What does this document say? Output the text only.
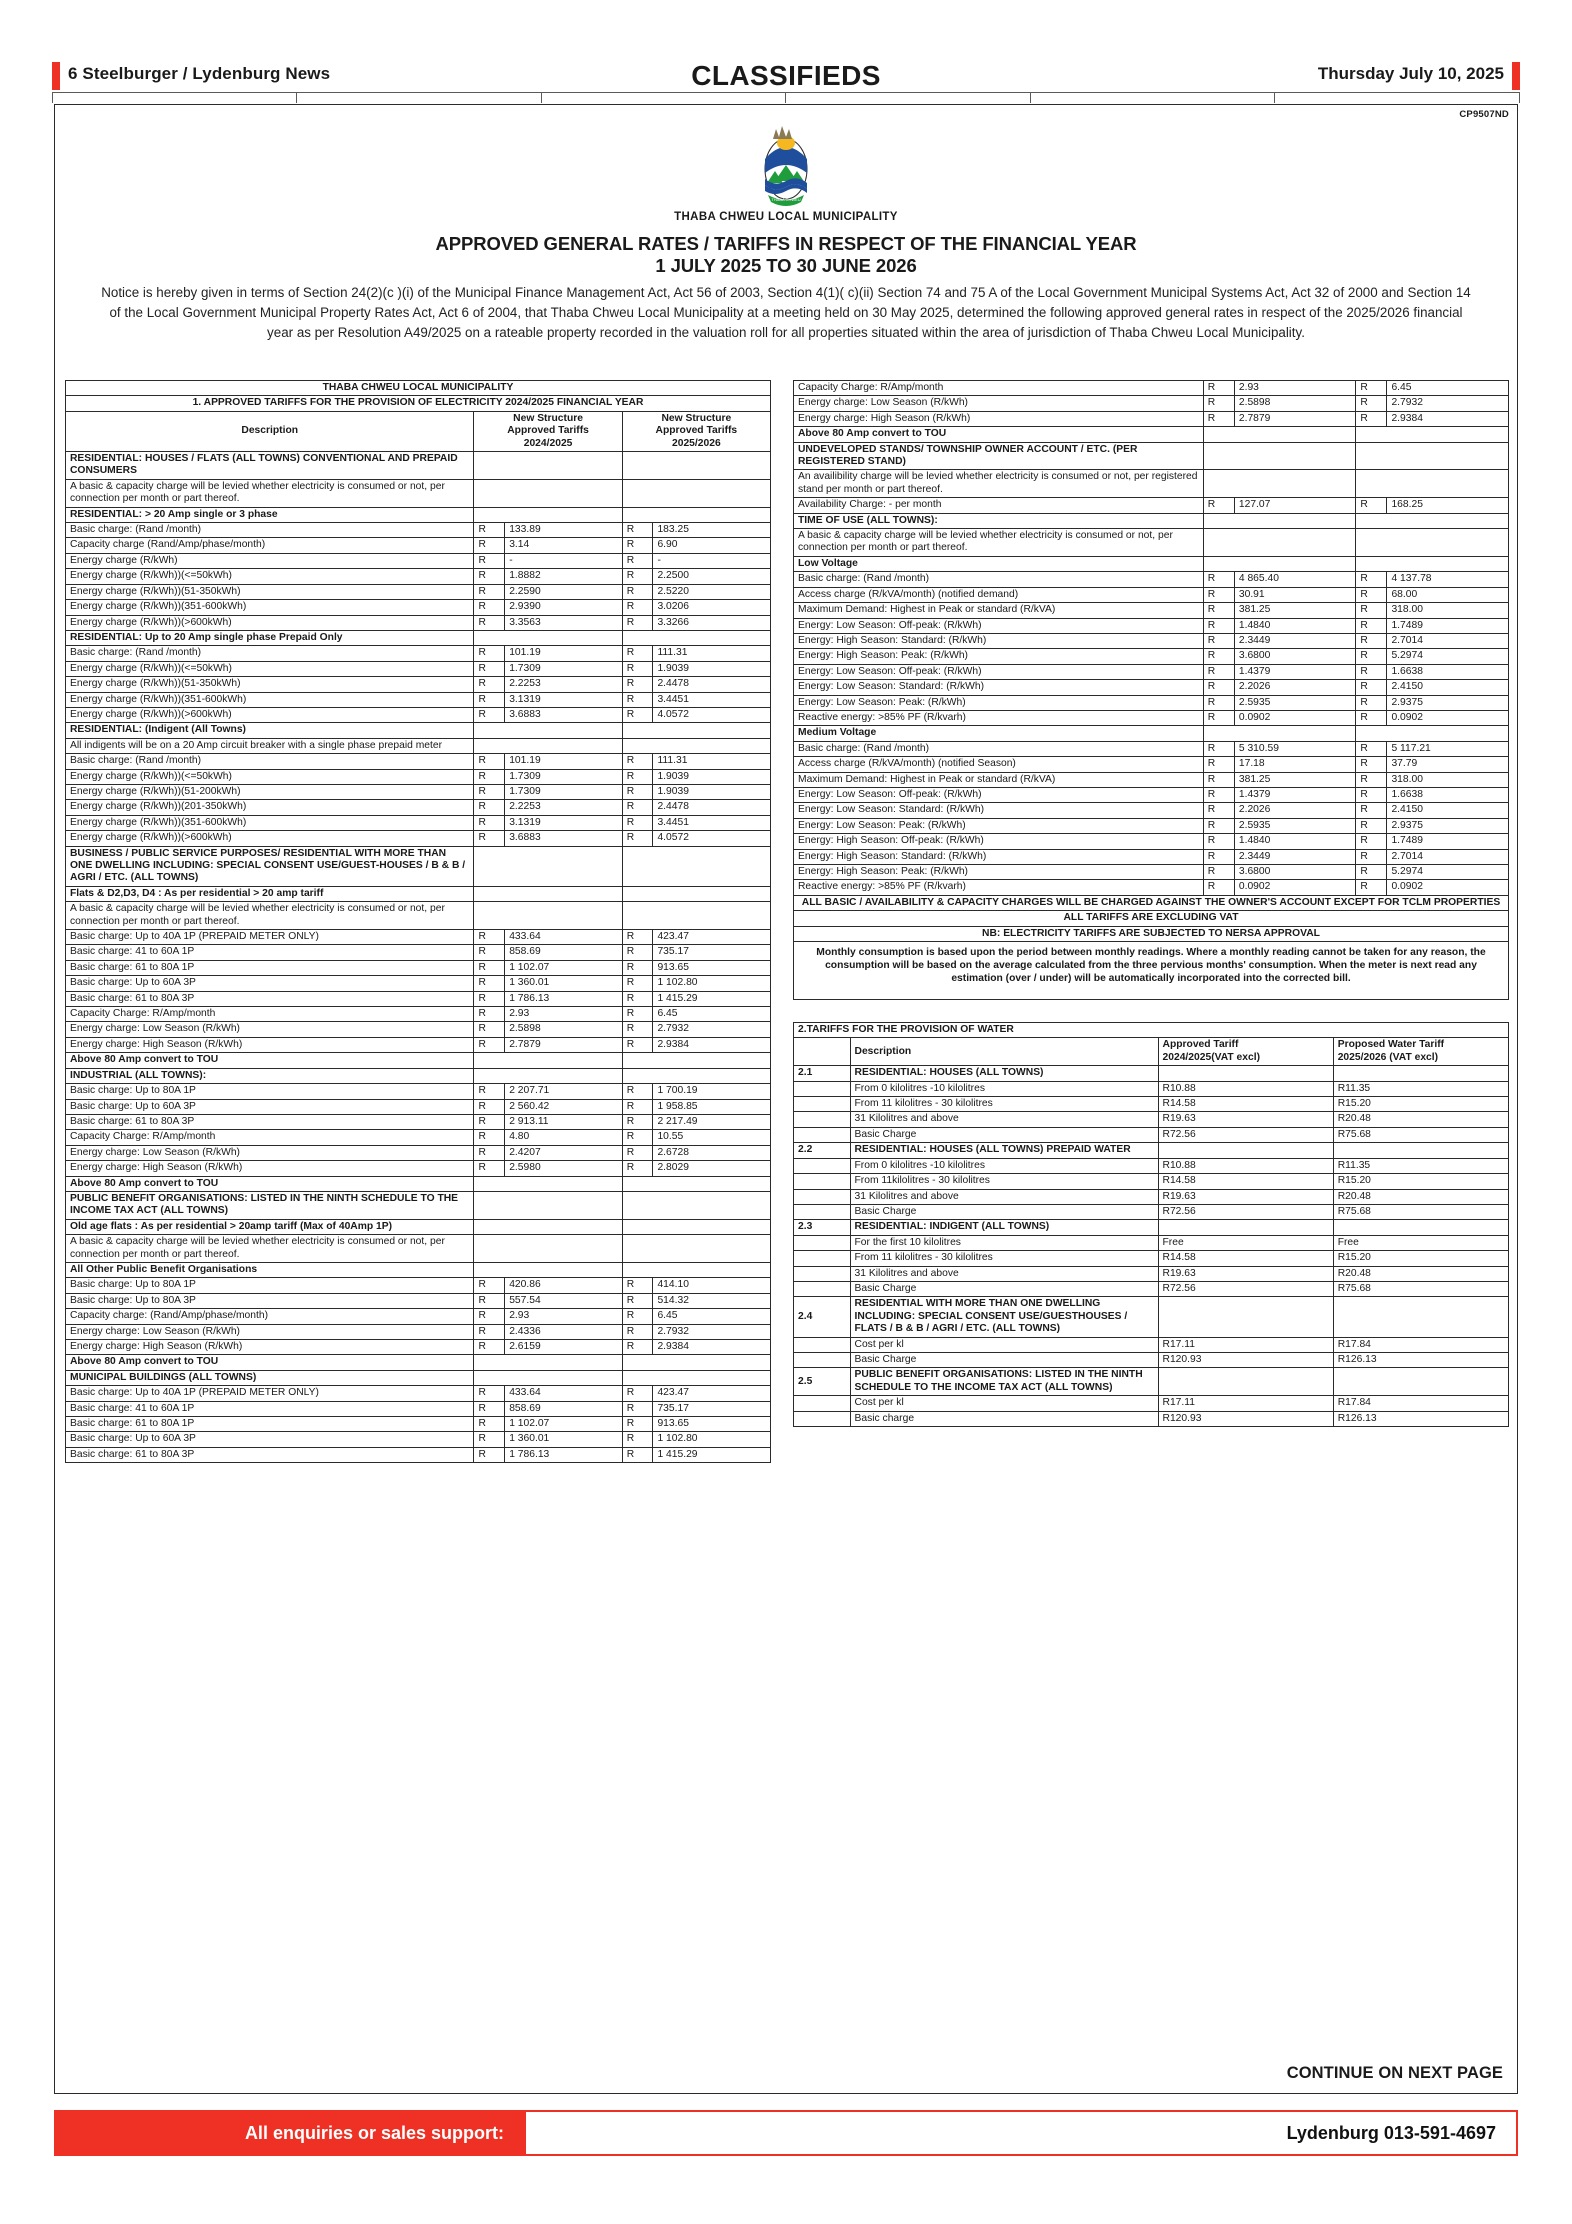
6 Steelburger / Lydenburg News	CLASSIFIEDS	Thursday July 10, 2025
CP9507ND
THABA CHWEU
THABA CHWEU LOCAL MUNICIPALITY
APPROVED GENERAL RATES / TARIFFS IN RESPECT OF THE FINANCIAL YEAR
1 JULY 2025 TO 30 JUNE 2026
Notice is hereby given in terms of Section 24(2)(c )(i) of the Municipal Finance Management Act, Act 56 of 2003, Section 4(1)( c)(ii) Section 74 and 75 A of the Local Government Municipal Systems Act, Act 32 of 2000 and Section 14 of the Local Government Municipal Property Rates Act, Act 6 of 2004, that Thaba Chweu Local Municipality at a meeting held on 30 May 2025, determined the following approved general rates in respect of the 2025/2026 financial year as per Resolution A49/2025 on a rateable property recorded in the valuation roll for all properties situated within the area of jurisdiction of Thaba Chweu Local Municipality.
THABA CHWEU LOCAL MUNICIPALITY				
1. APPROVED TARIFFS FOR THE PROVISION OF ELECTRICITY 2024/2025 FINANCIAL YEAR				
Description	
New Structure
Approved Tariffs
2024/2025

New Structure
Approved Tariffs
2025/2026

RESIDENTIAL: HOUSES / FLATS (ALL TOWNS) CONVENTIONAL AND PREPAID CONSUMERS				
A basic & capacity charge will be levied whether electricity is consumed or not, per connection per month or part thereof.				
RESIDENTIAL: > 20 Amp single or 3 phase				
Basic charge: (Rand /month)	R	133.89	R	183.25
Capacity charge (Rand/Amp/phase/month)	R	3.14	R	6.90
Energy charge (R/kWh)	R	-	R	-
Energy charge (R/kWh))(<=50kWh)	R	1.8882	R	2.2500
Energy charge (R/kWh))(51-350kWh)	R	2.2590	R	2.5220
Energy charge (R/kWh))(351-600kWh)	R	2.9390	R	3.0206
Energy charge (R/kWh))(>600kWh)	R	3.3563	R	3.3266
RESIDENTIAL: Up to 20 Amp single phase Prepaid Only				
Basic charge: (Rand /month)	R	101.19	R	111.31
Energy charge (R/kWh))(<=50kWh)	R	1.7309	R	1.9039
Energy charge (R/kWh))(51-350kWh)	R	2.2253	R	2.4478
Energy charge (R/kWh))(351-600kWh)	R	3.1319	R	3.4451
Energy charge (R/kWh))(>600kWh)	R	3.6883	R	4.0572
RESIDENTIAL: (Indigent (All Towns)				
All indigents will be on a 20 Amp circuit breaker with a single phase prepaid meter				
Basic charge: (Rand /month)	R	101.19	R	111.31
Energy charge (R/kWh))(<=50kWh)	R	1.7309	R	1.9039
Energy charge (R/kWh))(51-200kWh)	R	1.7309	R	1.9039
Energy charge (R/kWh))(201-350kWh)	R	2.2253	R	2.4478
Energy charge (R/kWh))(351-600kWh)	R	3.1319	R	3.4451
Energy charge (R/kWh))(>600kWh)	R	3.6883	R	4.0572
BUSINESS / PUBLIC SERVICE PURPOSES/ RESIDENTIAL WITH MORE THAN ONE DWELLING INCLUDING: SPECIAL CONSENT USE/GUEST-HOUSES / B & B / AGRI / ETC. (ALL TOWNS)				
Flats & D2,D3, D4 : As per residential > 20 amp tariff				
A basic & capacity charge will be levied whether electricity is consumed or not, per connection per month or part thereof.				
Basic charge: Up to 40A 1P (PREPAID METER ONLY)	R	433.64	R	423.47
Basic charge: 41 to 60A 1P	R	858.69	R	735.17
Basic charge: 61 to 80A 1P	R	1 102.07	R	913.65
Basic charge: Up to 60A 3P	R	1 360.01	R	1 102.80
Basic charge: 61 to 80A 3P	R	1 786.13	R	1 415.29
Capacity Charge: R/Amp/month	R	2.93	R	6.45
Energy charge: Low Season (R/kWh)	R	2.5898	R	2.7932
Energy charge: High Season (R/kWh)	R	2.7879	R	2.9384
Above 80 Amp convert to TOU				
INDUSTRIAL (ALL TOWNS):				
Basic charge: Up to 80A 1P	R	2 207.71	R	1 700.19
Basic charge: Up to 60A 3P	R	2 560.42	R	1 958.85
Basic charge: 61 to 80A 3P	R	2 913.11	R	2 217.49
Capacity Charge: R/Amp/month	R	4.80	R	10.55
Energy charge: Low Season (R/kWh)	R	2.4207	R	2.6728
Energy charge: High Season (R/kWh)	R	2.5980	R	2.8029
Above 80 Amp convert to TOU				
PUBLIC BENEFIT ORGANISATIONS: LISTED IN THE NINTH SCHEDULE TO THE INCOME TAX ACT (ALL TOWNS)				
Old age flats : As per residential > 20amp tariff (Max of 40Amp 1P)				
A basic & capacity charge will be levied whether electricity is consumed or not, per connection per month or part thereof.				
All Other Public Benefit Organisations				
Basic charge: Up to 80A 1P	R	420.86	R	414.10
Basic charge: Up to 80A 3P	R	557.54	R	514.32
Capacity charge: (Rand/Amp/phase/month)	R	2.93	R	6.45
Energy charge: Low Season (R/kWh)	R	2.4336	R	2.7932
Energy charge: High Season (R/kWh)	R	2.6159	R	2.9384
Above 80 Amp convert to TOU				
MUNICIPAL BUILDINGS (ALL TOWNS)				
Basic charge: Up to 40A 1P (PREPAID METER ONLY)	R	433.64	R	423.47
Basic charge: 41 to 60A 1P	R	858.69	R	735.17
Basic charge: 61 to 80A 1P	R	1 102.07	R	913.65
Basic charge: Up to 60A 3P	R	1 360.01	R	1 102.80
Basic charge: 61 to 80A 3P	R	1 786.13	R	1 415.29
Capacity Charge: R/Amp/month	R	2.93	R	6.45
Energy charge: Low Season (R/kWh)	R	2.5898	R	2.7932
Energy charge: High Season (R/kWh)	R	2.7879	R	2.9384
Above 80 Amp convert to TOU				
UNDEVELOPED STANDS/ TOWNSHIP OWNER ACCOUNT / ETC. (PER REGISTERED STAND)				
An availibility charge will be levied whether electricity is consumed or not, per registered stand per month or part thereof.				
Availability Charge: - per month	R	127.07	R	168.25
TIME OF USE (ALL TOWNS):				
A basic & capacity charge will be levied whether electricity is consumed or not, per connection per month or part thereof.				
Low Voltage				
Basic charge: (Rand /month)	R	4 865.40	R	4 137.78
Access charge (R/kVA/month) (notified demand)	R	30.91	R	68.00
Maximum Demand: Highest in Peak or standard (R/kVA)	R	381.25	R	318.00
Energy: Low Season: Off-peak: (R/kWh)	R	1.4840	R	1.7489
Energy: High Season: Standard: (R/kWh)	R	2.3449	R	2.7014
Energy: High Season: Peak: (R/kWh)	R	3.6800	R	5.2974
Energy: Low Season: Off-peak: (R/kWh)	R	1.4379	R	1.6638
Energy: Low Season: Standard: (R/kWh)	R	2.2026	R	2.4150
Energy: Low Season: Peak: (R/kWh)	R	2.5935	R	2.9375
Reactive energy: >85% PF (R/kvarh)	R	0.0902	R	0.0902
Medium Voltage				
Basic charge: (Rand /month)	R	5 310.59	R	5 117.21
Access charge (R/kVA/month) (notified Season)	R	17.18	R	37.79
Maximum Demand: Highest in Peak or standard (R/kVA)	R	381.25	R	318.00
Energy: Low Season: Off-peak: (R/kWh)	R	1.4379	R	1.6638
Energy: Low Season: Standard: (R/kWh)	R	2.2026	R	2.4150
Energy: Low Season: Peak: (R/kWh)	R	2.5935	R	2.9375
Energy: High Season: Off-peak: (R/kWh)	R	1.4840	R	1.7489
Energy: High Season: Standard: (R/kWh)	R	2.3449	R	2.7014
Energy: High Season: Peak: (R/kWh)	R	3.6800	R	5.2974
Reactive energy: >85% PF (R/kvarh)	R	0.0902	R	0.0902
ALL BASIC / AVAILABILITY & CAPACITY CHARGES WILL BE CHARGED AGAINST THE OWNER'S ACCOUNT EXCEPT FOR TCLM PROPERTIES				
ALL TARIFFS ARE EXCLUDING VAT				
NB: ELECTRICITY TARIFFS ARE SUBJECTED TO NERSA APPROVAL				
Monthly consumption is based upon the period between monthly readings. Where a monthly reading cannot be taken for any reason, the consumption will be based on the average calculated from the three pervious months' consumption. When the meter is next read any estimation (over / under) will be automatically incorporated into the corrected bill.				
2.TARIFFS FOR THE PROVISION OF WATER			
	Description	
Approved Tariff
2024/2025(VAT excl)

Proposed Water Tariff
2025/2026 (VAT excl)

2.1	RESIDENTIAL: HOUSES (ALL TOWNS)		
	From 0 kilolitres -10 kilolitres	R10.88	R11.35
	From 11 kilolitres - 30 kilolitres	R14.58	R15.20
	31 Kilolitres and above	R19.63	R20.48
	Basic Charge	R72.56	R75.68
2.2	RESIDENTIAL: HOUSES (ALL TOWNS) PREPAID WATER		
	From 0 kilolitres -10 kilolitres	R10.88	R11.35
	From 11kilolitres - 30 kilolitres	R14.58	R15.20
	31 Kilolitres and above	R19.63	R20.48
	Basic Charge	R72.56	R75.68
2.3	RESIDENTIAL: INDIGENT (ALL TOWNS)		
	For the first 10 kilolitres	Free	Free
	From 11 kilolitres - 30 kilolitres	R14.58	R15.20
	31 Kilolitres and above	R19.63	R20.48
	Basic Charge	R72.56	R75.68
2.4	RESIDENTIAL WITH MORE THAN ONE DWELLING INCLUDING: SPECIAL CONSENT USE/GUESTHOUSES / FLATS / B & B / AGRI / ETC. (ALL TOWNS)		
	Cost per kl	R17.11	R17.84
	Basic Charge	R120.93	R126.13
2.5	PUBLIC BENEFIT ORGANISATIONS: LISTED IN THE NINTH SCHEDULE TO THE INCOME TAX ACT (ALL TOWNS)		
	Cost per kl	R17.11	R17.84
	Basic charge	R120.93	R126.13
CONTINUE ON NEXT PAGE
All enquiries or sales support:	Lydenburg 013-591-4697
